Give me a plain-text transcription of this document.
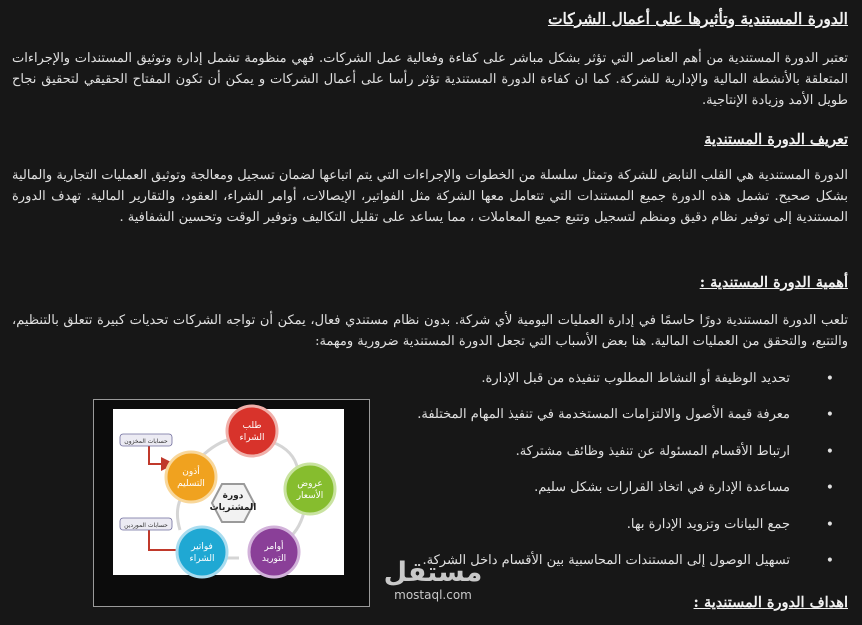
الدورة المستندية وتأثيرها على أعمال الشركات
تعتبر الدورة المستندية من أهم العناصر التي تؤثر بشكل مباشر على كفاءة وفعالية عمل الشركات. فهي منظومة تشمل إدارة وتوثيق المستندات والإجراءات المتعلقة بالأنشطة المالية والإدارية للشركة. كما ان كفاءة الدورة المستندية تؤثر رأسا على أعمال الشركات و يمكن أن تكون المفتاح الحقيقي لتحقيق نجاح طويل الأمد وزيادة الإنتاجية.
تعريف الدورة المستندية
الدورة المستندية هي القلب النابض للشركة وتمثل سلسلة من الخطوات والإجراءات التي يتم اتباعها لضمان تسجيل ومعالجة وتوثيق العمليات التجارية والمالية بشكل صحيح. تشمل هذه الدورة جميع المستندات التي تتعامل معها الشركة مثل الفواتير، الإيصالات، أوامر الشراء، العقود، والتقارير المالية. تهدف الدورة المستندية إلى توفير نظام دقيق ومنظم لتسجيل وتتبع جميع المعاملات ، مما يساعد على تقليل التكاليف وتوفير الوقت وتحسين الشفافية .
أهمية الدورة المستندية :
تلعب الدورة المستندية دورًا حاسمًا في إدارة العمليات اليومية لأي شركة. بدون نظام مستندي فعال، يمكن أن تواجه الشركات تحديات كبيرة تتعلق بالتنظيم، والتتبع، والتحقق من العمليات المالية. هنا بعض الأسباب التي تجعل الدورة المستندية ضرورية ومهمة:
• تحديد الوظيفة أو النشاط المطلوب تنفيذه من قبل الإدارة.
• معرفة قيمة الأصول والالتزامات المستخدمة في تنفيذ المهام المختلفة.
• ارتباط الأقسام المسئولة عن تنفيذ وظائف مشتركة.
• مساعدة الإدارة في اتخاذ القرارات بشكل سليم.
• جمع البيانات وتزويد الإدارة بها.
• تسهيل الوصول إلى المستندات المحاسبية بين الأقسام داخل الشركة.
اهداف الدورة المستندية :
حسابات المخزون
حسابات الموردين
دورة
المشتريات
طلب
الشراء
عروض
الأسعار
أوامر
التوريد
فواتير
الشراء
أذون
التسليم
مستقل
mostaql.com
